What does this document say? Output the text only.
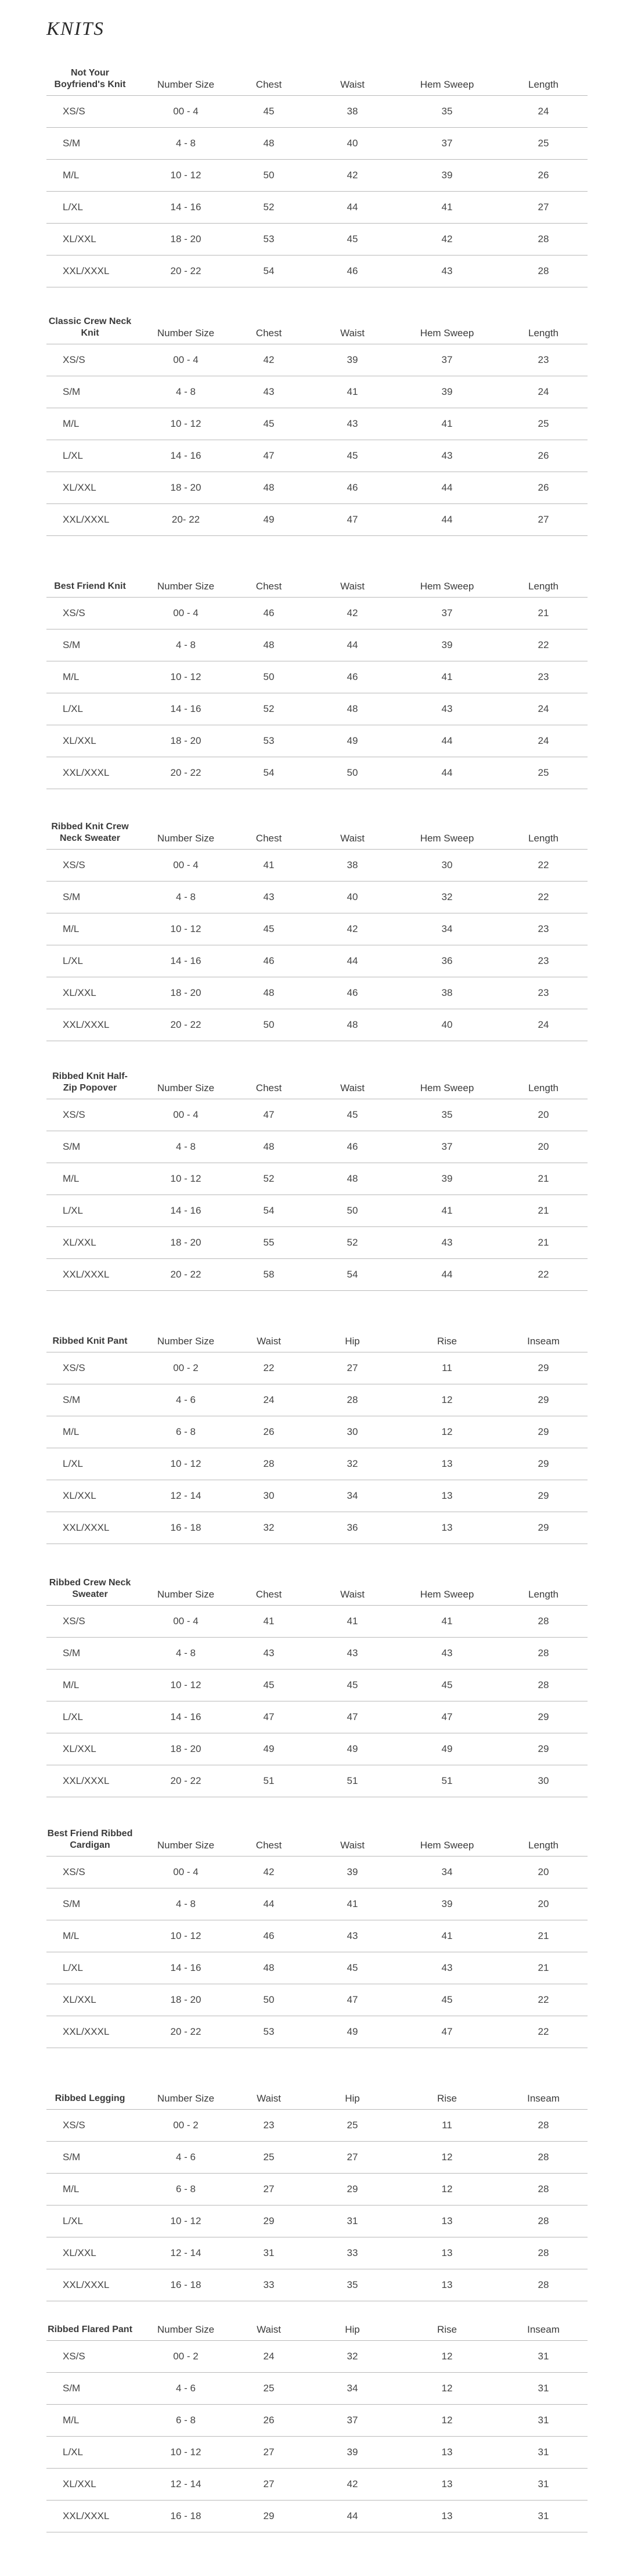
KNITS
Not Your Boyfriend's Knit	Number Size	Chest	Waist	Hem Sweep	Length
XS/S	00 - 4	45	38	35	24
S/M	4 - 8	48	40	37	25
M/L	10 - 12	50	42	39	26
L/XL	14 - 16	52	44	41	27
XL/XXL	18 - 20	53	45	42	28
XXL/XXXL	20 - 22	54	46	43	28
Classic Crew Neck Knit	Number Size	Chest	Waist	Hem Sweep	Length
XS/S	00 - 4	42	39	37	23
S/M	4 - 8	43	41	39	24
M/L	10 - 12	45	43	41	25
L/XL	14 - 16	47	45	43	26
XL/XXL	18 - 20	48	46	44	26
XXL/XXXL	20- 22	49	47	44	27
Best Friend Knit	Number Size	Chest	Waist	Hem Sweep	Length
XS/S	00 - 4	46	42	37	21
S/M	4 - 8	48	44	39	22
M/L	10 - 12	50	46	41	23
L/XL	14 - 16	52	48	43	24
XL/XXL	18 - 20	53	49	44	24
XXL/XXXL	20 - 22	54	50	44	25
Ribbed Knit Crew Neck Sweater	Number Size	Chest	Waist	Hem Sweep	Length
XS/S	00 - 4	41	38	30	22
S/M	4 - 8	43	40	32	22
M/L	10 - 12	45	42	34	23
L/XL	14 - 16	46	44	36	23
XL/XXL	18 - 20	48	46	38	23
XXL/XXXL	20 - 22	50	48	40	24
Ribbed Knit Half-Zip Popover	Number Size	Chest	Waist	Hem Sweep	Length
XS/S	00 - 4	47	45	35	20
S/M	4 - 8	48	46	37	20
M/L	10 - 12	52	48	39	21
L/XL	14 - 16	54	50	41	21
XL/XXL	18 - 20	55	52	43	21
XXL/XXXL	20 - 22	58	54	44	22
Ribbed Knit Pant	Number Size	Waist	Hip	Rise	Inseam
XS/S	00 - 2	22	27	11	29
S/M	4 - 6	24	28	12	29
M/L	6 - 8	26	30	12	29
L/XL	10 - 12	28	32	13	29
XL/XXL	12 - 14	30	34	13	29
XXL/XXXL	16 - 18	32	36	13	29
Ribbed Crew Neck Sweater	Number Size	Chest	Waist	Hem Sweep	Length
XS/S	00 - 4	41	41	41	28
S/M	4 - 8	43	43	43	28
M/L	10 - 12	45	45	45	28
L/XL	14 - 16	47	47	47	29
XL/XXL	18 - 20	49	49	49	29
XXL/XXXL	20 - 22	51	51	51	30
Best Friend Ribbed Cardigan	Number Size	Chest	Waist	Hem Sweep	Length
XS/S	00 - 4	42	39	34	20
S/M	4 - 8	44	41	39	20
M/L	10 - 12	46	43	41	21
L/XL	14 - 16	48	45	43	21
XL/XXL	18 - 20	50	47	45	22
XXL/XXXL	20 - 22	53	49	47	22
Ribbed Legging	Number Size	Waist	Hip	Rise	Inseam
XS/S	00 - 2	23	25	11	28
S/M	4 - 6	25	27	12	28
M/L	6 - 8	27	29	12	28
L/XL	10 - 12	29	31	13	28
XL/XXL	12 - 14	31	33	13	28
XXL/XXXL	16 - 18	33	35	13	28
Ribbed Flared Pant	Number Size	Waist	Hip	Rise	Inseam
XS/S	00 - 2	24	32	12	31
S/M	4 - 6	25	34	12	31
M/L	6 - 8	26	37	12	31
L/XL	10 - 12	27	39	13	31
XL/XXL	12 - 14	27	42	13	31
XXL/XXXL	16 - 18	29	44	13	31
